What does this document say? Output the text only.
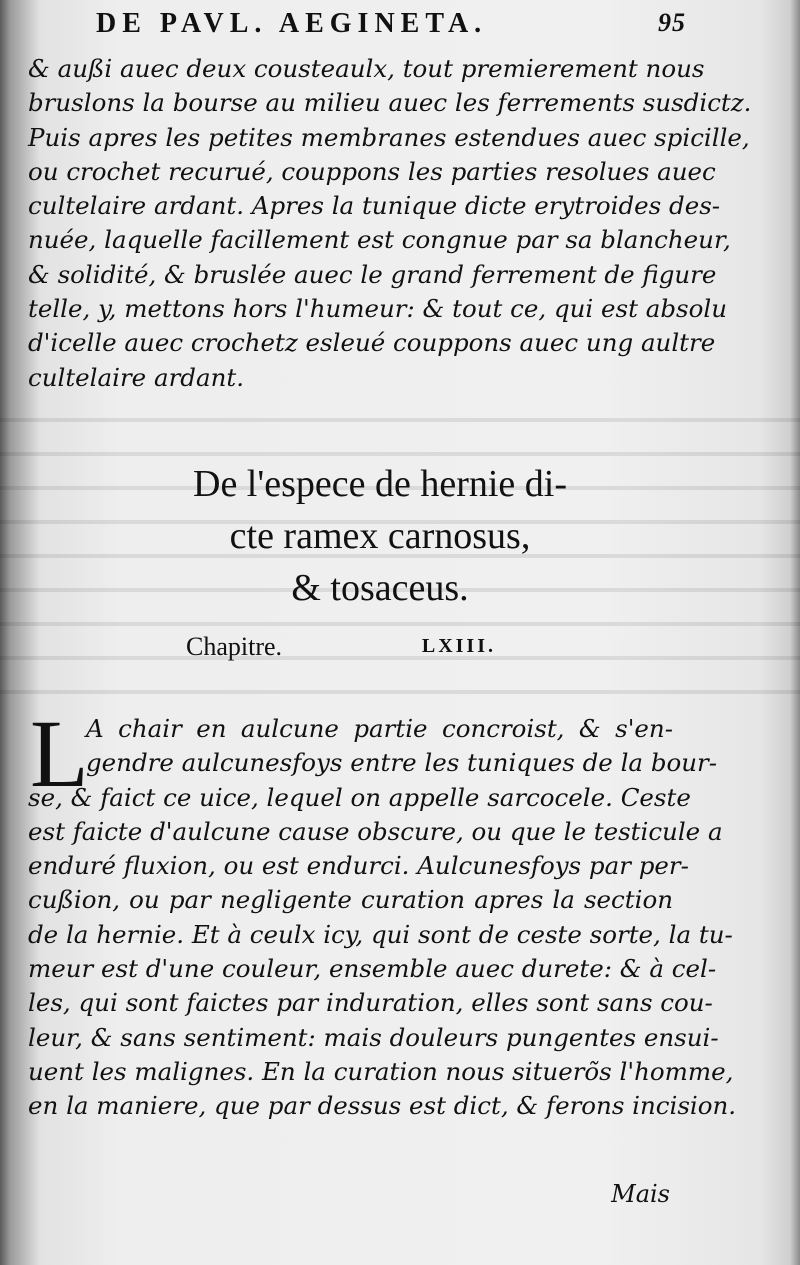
DE PAVL. AEGINETA.	95
& außi auec deux cousteaulx, tout premierement nous
bruslons la bourse au milieu auec les ferrements susdictz.
Puis apres les petites membranes estendues auec spicille,
ou crochet recurué, couppons les parties resolues auec
cultelaire ardant. Apres la tunique dicte erytroides des-
nuée, laquelle facillement est congnue par sa blancheur,
& solidité, & bruslée auec le grand ferrement de figure
telle, y, mettons hors l'humeur: & tout ce, qui est absolu
d'icelle auec crochetz esleué couppons auec ung aultre
cultelaire ardant.
De l'espece de hernie di-
cte ramex carnosus,
& tosaceus.
Chapitre.	LXIII.
L
A chair en aulcune partie concroist, & s'en-
gendre aulcunesfoys entre les tuniques de la bour-
se, & faict ce uice, lequel on appelle sarcocele. Ceste
est faicte d'aulcune cause obscure, ou que le testicule a
enduré fluxion, ou est endurci. Aulcunesfoys par per-
cußion, ou par negligente curation apres la section
de la hernie. Et à ceulx icy, qui sont de ceste sorte, la tu-
meur est d'une couleur, ensemble auec durete: & à cel-
les, qui sont faictes par induration, elles sont sans cou-
leur, & sans sentiment: mais douleurs pungentes ensui-
uent les malignes. En la curation nous situerõs l'homme,
en la maniere, que par dessus est dict, & ferons incision.
Mais
